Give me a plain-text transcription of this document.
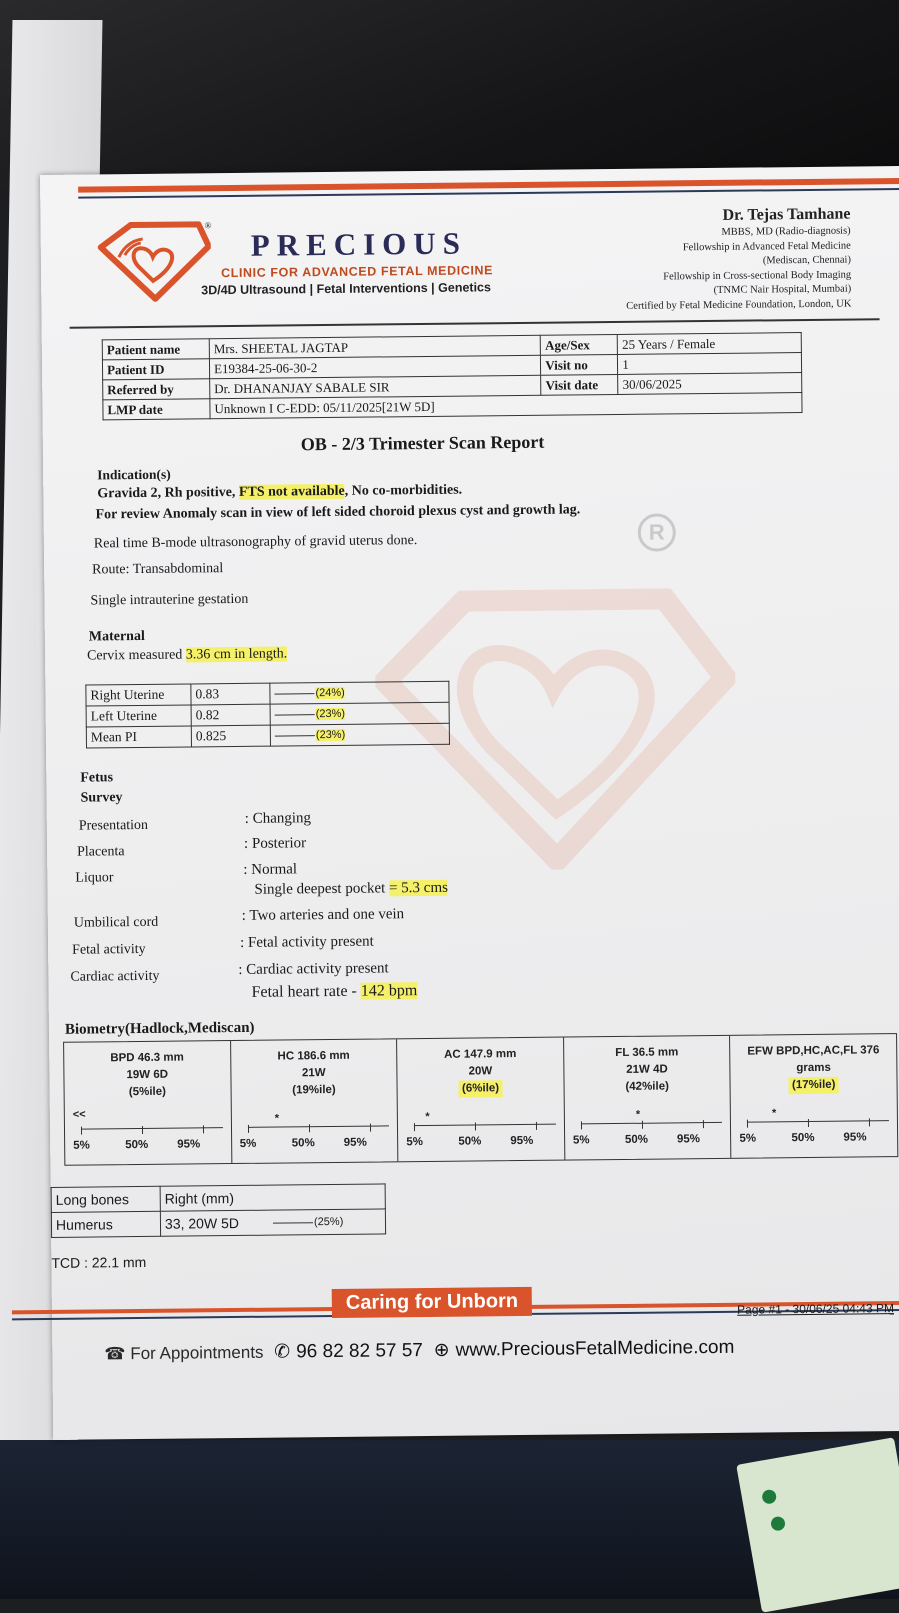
®
PRECIOUS
CLINIC FOR ADVANCED FETAL MEDICINE
3D/4D Ultrasound | Fetal Interventions | Genetics
Dr. Tejas Tamhane
MBBS, MD (Radio-diagnosis)
Fellowship in Advanced Fetal Medicine
(Mediscan, Chennai)
Fellowship in Cross-sectional Body Imaging
(TNMC Nair Hospital, Mumbai)
Certified by Fetal Medicine Foundation, London, UK
Patient name	Mrs. SHEETAL JAGTAP	Age/Sex	25 Years / Female
Patient ID	E19384-25-06-30-2	Visit no	1
Referred by	Dr. DHANANJAY SABALE SIR	Visit date	30/06/2025
LMP date	Unknown I C-EDD: 05/11/2025[21W 5D]		
OB - 2/3 Trimester Scan Report
Indication(s)
Gravida 2, Rh positive, FTS not available, No co-morbidities.
For review Anomaly scan in view of left sided choroid plexus cyst and growth lag.
R
Real time B-mode ultrasonography of gravid uterus done.
Route: Transabdominal
Single intrauterine gestation
Maternal
Cervix measured 3.36 cm in length.
Right Uterine	0.83	(24%)
Left Uterine	0.82	(23%)
Mean PI	0.825	(23%)
Fetus
Survey
Presentation	: Changing
Placenta
: Posterior
Liquor
: Normal
Single deepest pocket = 5.3 cms
Umbilical cord	: Two arteries and one vein
Fetal activity	: Fetal activity present
Cardiac activity	: Cardiac activity present
Fetal heart rate - 142 bpm
Biometry(Hadlock,Mediscan)
BPD 46.3 mm
19W 6D
(5%ile)
5%	50%	95%
<<
HC 186.6 mm
21W
(19%ile)
5%	50%	95%
*
AC 147.9 mm
20W
(6%ile)
5%	50%	95%
*
FL 36.5 mm
21W 4D
(42%ile)
5%	50%	95%
*
EFW BPD,HC,AC,FL 376
grams
(17%ile)
5%	50%	95%
*
Long bones	Right (mm)	
Humerus	33, 20W 5D	(25%)
TCD : 22.1 mm
Caring for Unborn	Page #1 - 30/06/25 04:43 PM
☎ For Appointments ✆ 96 82 82 57 57 ⊕ www.PreciousFetalMedicine.com
